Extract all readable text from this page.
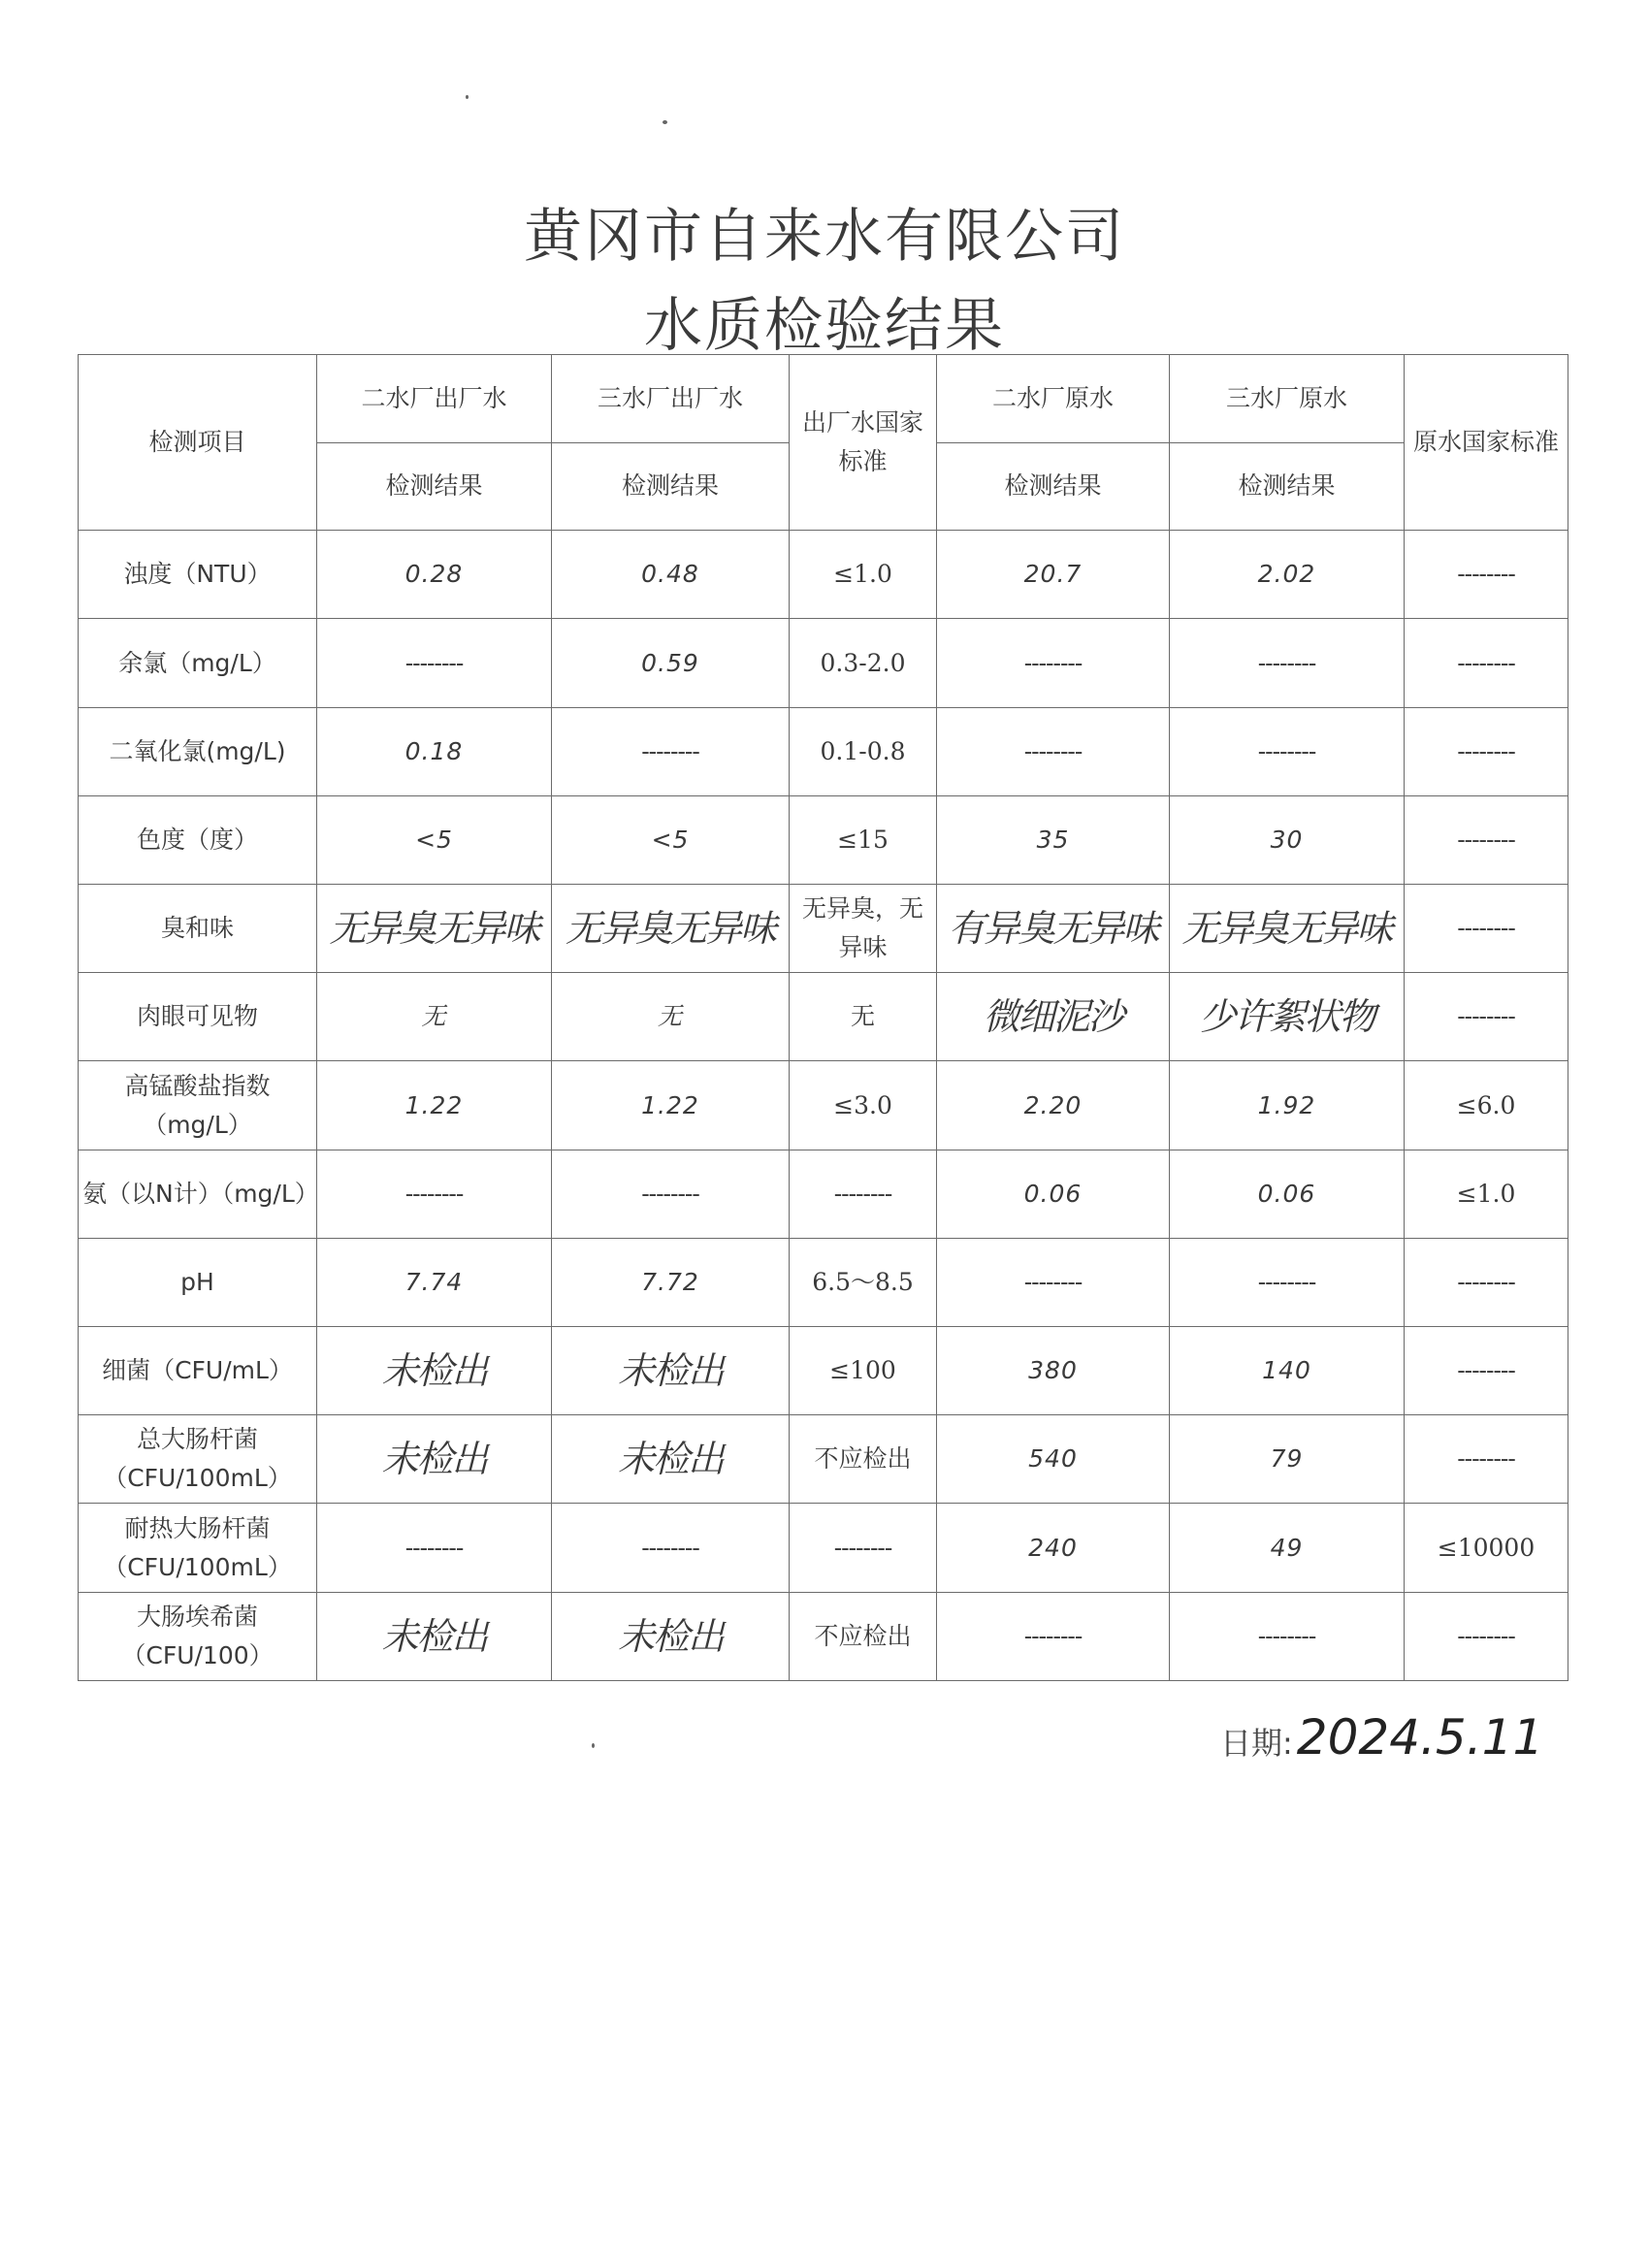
黄冈市自来水有限公司
水质检验结果
检测项目	二水厂出厂水	三水厂出厂水	出厂水国家标准	二水厂原水	三水厂原水	原水国家标准
	检测结果	检测结果		检测结果	检测结果	
浊度（NTU）	0.28	0.48	≤1.0	20.7	2.02	--------
余氯（mg/L）	--------	0.59	0.3-2.0	--------	--------	--------
二氧化氯(mg/L)	0.18	--------	0.1-0.8	--------	--------	--------
色度（度）	<5	<5	≤15	35	30	--------
臭和味	无异臭无异味	无异臭无异味	无异臭，无异味	有异臭无异味	无异臭无异味	--------
肉眼可见物	无	无	无	微细泥沙	少许絮状物	--------
高锰酸盐指数（mg/L）	1.22	1.22	≤3.0	2.20	1.92	≤6.0
氨（以N计）（mg/L）	--------	--------	--------	0.06	0.06	≤1.0
pH	7.74	7.72	6.5～8.5	--------	--------	--------
细菌（CFU/mL）	未检出	未检出	≤100	380	140	--------
总大肠杆菌（CFU/100mL）	未检出	未检出	不应检出	540	79	--------
耐热大肠杆菌（CFU/100mL）	--------	--------	--------	240	49	≤10000
大肠埃希菌（CFU/100）	未检出	未检出	不应检出	--------	--------	--------
日期:2024.5.11
